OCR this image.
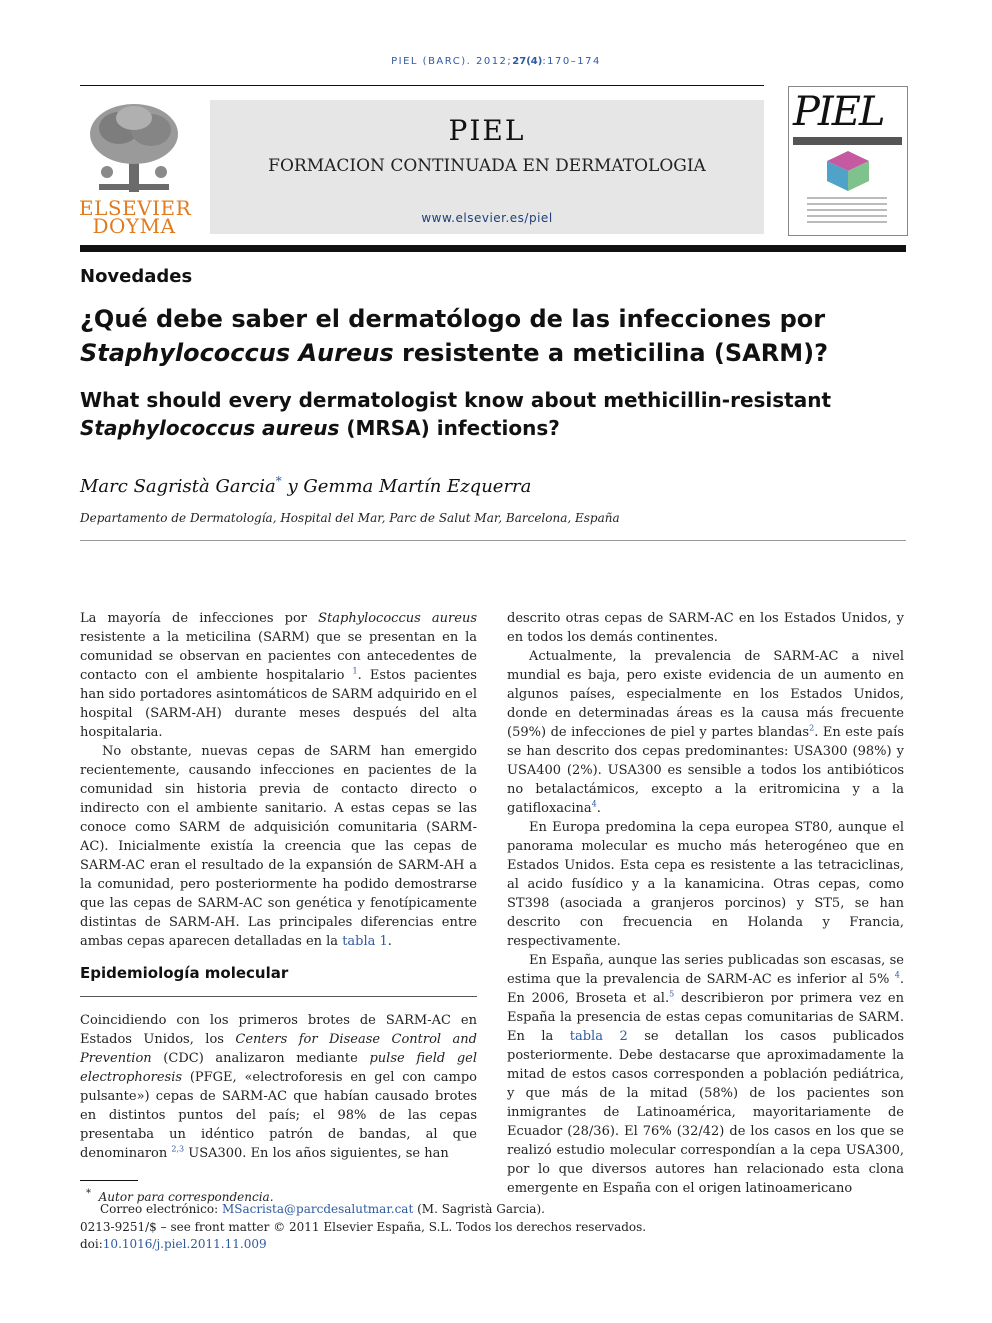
PIEL (BARC). 2012;27(4):170–174
ELSEVIER
DOYMA
PIEL
FORMACION CONTINUADA EN DERMATOLOGIA
www.elsevier.es/piel
PIEL
Novedades
¿Qué debe saber el dermatólogo de las infecciones por
Staphylococcus Aureus resistente a meticilina (SARM)?
What should every dermatologist know about methicillin-resistant
Staphylococcus aureus (MRSA) infections?
Marc Sagristà Garcia* y Gemma Martín Ezquerra
Departamento de Dermatología, Hospital del Mar, Parc de Salut Mar, Barcelona, España

La mayoría de infecciones por Staphylococcus aureus resistente a la meticilina (SARM) que se presentan en la comunidad se observan en pacientes con antecedentes de contacto con el ambiente hospitalario $^1$. Estos pacientes han sido portadores asintomáticos de SARM adquirido en el hospital (SARM-AH) durante meses después del alta hospitalaria.

No obstante, nuevas cepas de SARM han emergido recientemente, causando infecciones en pacientes de la comunidad sin historia previa de contacto directo o indirecto con el ambiente sanitario. A estas cepas se las conoce como SARM de adquisición comunitaria (SARM-AC). Inicialmente existía la creencia que las cepas de SARM-AC eran el resultado de la expansión de SARM-AH a la comunidad, pero posteriormente ha podido demostrarse que las cepas de SARM-AC son genética y fenotípicamente distintas de SARM-AH. Las principales diferencias entre ambas cepas aparecen detalladas en la tabla 1.

Epidemiología molecular

Coincidiendo con los primeros brotes de SARM-AC en Estados Unidos, los Centers for Disease Control and Prevention (CDC) analizaron mediante pulse field gel electrophoresis (PFGE, «electroforesis en gel con campo pulsante») cepas de SARM-AC que habían causado brotes en distintos puntos del país; el 98% de las cepas presentaba un idéntico patrón de bandas, al que denominaron $^{2,3}$ USA300. En los años siguientes, se han

descrito otras cepas de SARM-AC en los Estados Unidos, y en todos los demás continentes.

Actualmente, la prevalencia de SARM-AC a nivel mundial es baja, pero existe evidencia de un aumento en algunos países, especialmente en los Estados Unidos, donde en determinadas áreas es la causa más frecuente (59%) de infecciones de piel y partes blandas$^2$. En este país se han descrito dos cepas predominantes: USA300 (98%) y USA400 (2%). USA300 es sensible a todos los antibióticos no betalactámicos, excepto a la eritromicina y a la gatifloxacina$^4$.

En Europa predomina la cepa europea ST80, aunque el panorama molecular es mucho más heterogéneo que en Estados Unidos. Esta cepa es resistente a las tetraciclinas, al acido fusídico y a la kanamicina. Otras cepas, como ST398 (asociada a granjeros porcinos) y ST5, se han descrito con frecuencia en Holanda y Francia, respectivamente.

En España, aunque las series publicadas son escasas, se estima que la prevalencia de SARM-AC es inferior al 5% $^4$. En 2006, Broseta et al.$^5$ describieron por primera vez en España la presencia de estas cepas comunitarias de SARM. En la tabla 2 se detallan los casos publicados posteriormente. Debe destacarse que aproximadamente la mitad de estos casos corresponden a población pediátrica, y que más de la mitad (58%) de los pacientes son inmigrantes de Latinoamérica, mayoritariamente de Ecuador (28/36). El 76% (32/42) de los casos en los que se realizó estudio molecular correspondían a la cepa USA300, por lo que diversos autores han relacionado esta clona emergente en España con el origen latinoamericano

* Autor para correspondencia.
Correo electrónico: MSacrista@parcdesalutmar.cat (M. Sagristà Garcia).
0213-9251/$ – see front matter © 2011 Elsevier España, S.L. Todos los derechos reservados.
doi:10.1016/j.piel.2011.11.009
